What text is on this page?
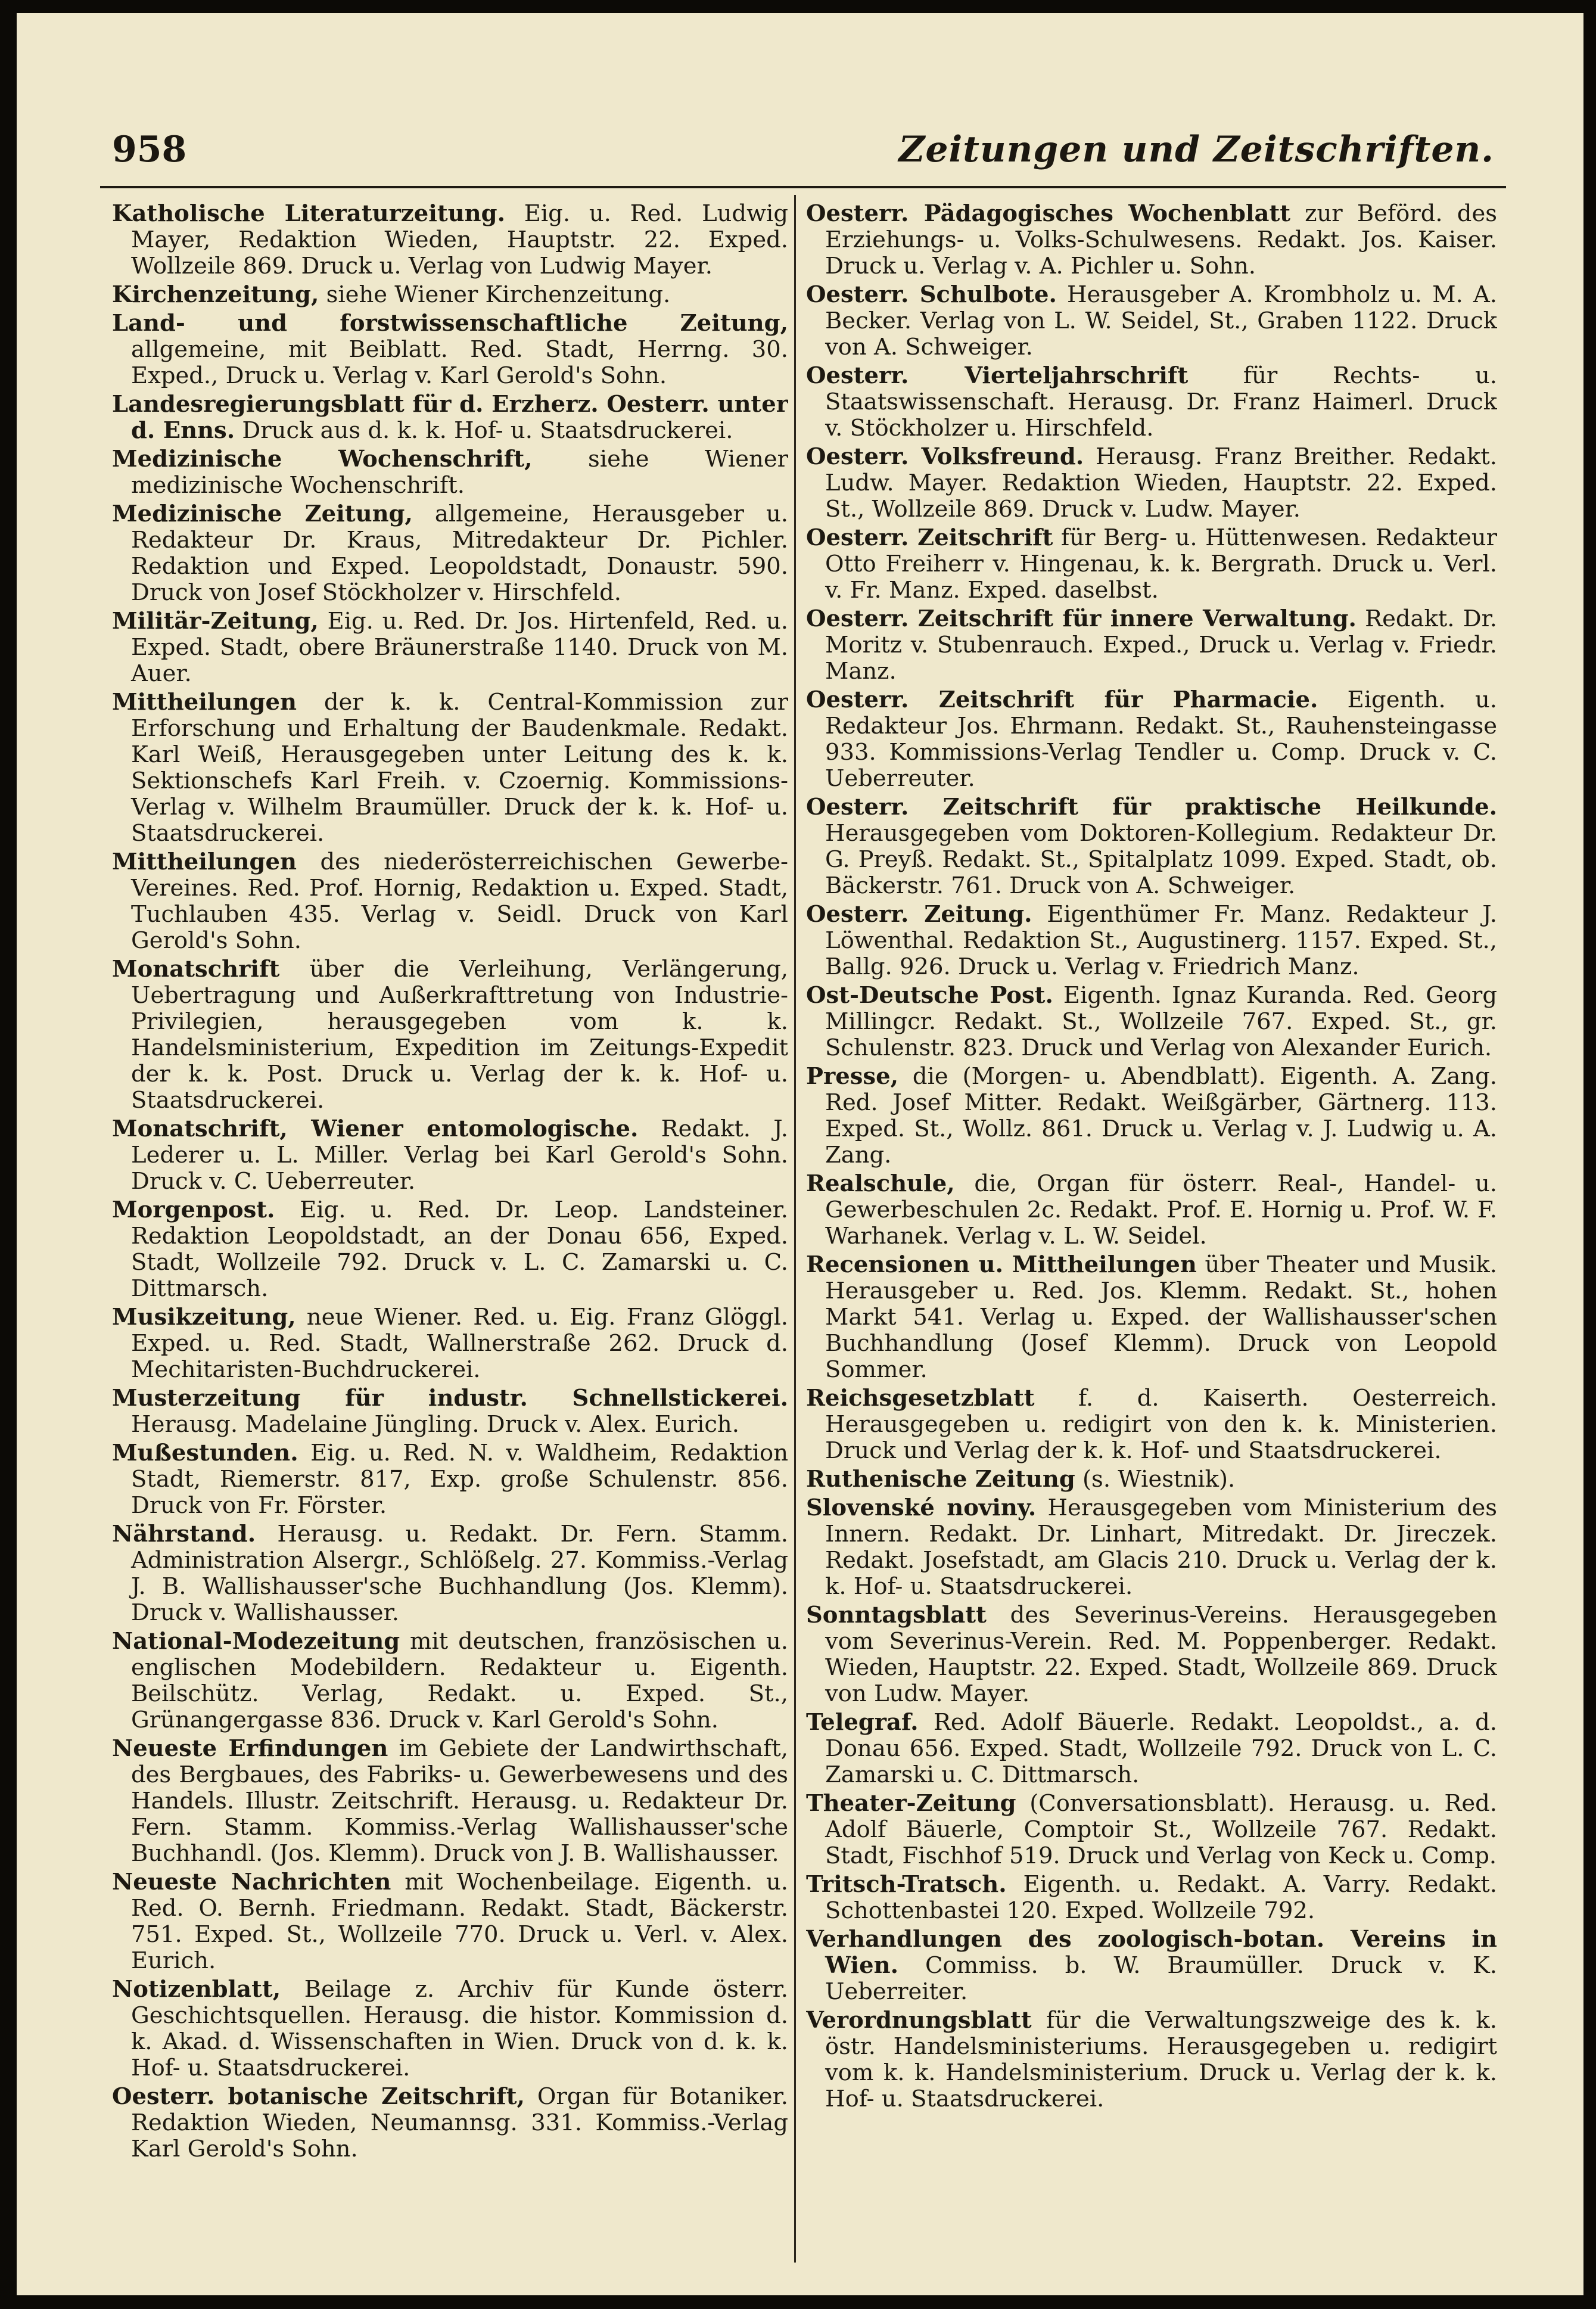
958	Zeitungen und Zeitschriften.

Katholische Literaturzeitung. Eig. u. Red. Ludwig Mayer, Redaktion Wieden, Hauptstr. 22. Exped. Wollzeile 869. Druck u. Verlag von Ludwig Mayer.

Kirchenzeitung, siehe Wiener Kirchenzeitung.

Land- und forstwissenschaftliche Zeitung, allgemeine, mit Beiblatt. Red. Stadt, Herrng. 30. Exped., Druck u. Verlag v. Karl Gerold's Sohn.

Landesregierungsblatt für d. Erzherz. Oesterr. unter d. Enns. Druck aus d. k. k. Hof- u. Staatsdruckerei.

Medizinische Wochenschrift, siehe Wiener medizinische Wochenschrift.

Medizinische Zeitung, allgemeine, Herausgeber u. Redakteur Dr. Kraus, Mitredakteur Dr. Pichler. Redaktion und Exped. Leopoldstadt, Donaustr. 590. Druck von Josef Stöckholzer v. Hirschfeld.

Militär-Zeitung, Eig. u. Red. Dr. Jos. Hirtenfeld, Red. u. Exped. Stadt, obere Bräunerstraße 1140. Druck von M. Auer.

Mittheilungen der k. k. Central-Kommission zur Erforschung und Erhaltung der Baudenkmale. Redakt. Karl Weiß, Herausgegeben unter Leitung des k. k. Sektionschefs Karl Freih. v. Czoernig. Kommissions-Verlag v. Wilhelm Braumüller. Druck der k. k. Hof- u. Staatsdruckerei.

Mittheilungen des niederösterreichischen Gewerbe-Vereines. Red. Prof. Hornig, Redaktion u. Exped. Stadt, Tuchlauben 435. Verlag v. Seidl. Druck von Karl Gerold's Sohn.

Monatschrift über die Verleihung, Verlängerung, Uebertragung und Außerkrafttretung von Industrie-Privilegien, herausgegeben vom k. k. Handelsministerium, Expedition im Zeitungs-Expedit der k. k. Post. Druck u. Verlag der k. k. Hof- u. Staatsdruckerei.

Monatschrift, Wiener entomologische. Redakt. J. Lederer u. L. Miller. Verlag bei Karl Gerold's Sohn. Druck v. C. Ueberreuter.

Morgenpost. Eig. u. Red. Dr. Leop. Landsteiner. Redaktion Leopoldstadt, an der Donau 656, Exped. Stadt, Wollzeile 792. Druck v. L. C. Zamarski u. C. Dittmarsch.

Musikzeitung, neue Wiener. Red. u. Eig. Franz Glöggl. Exped. u. Red. Stadt, Wallnerstraße 262. Druck d. Mechitaristen-Buchdruckerei.

Musterzeitung für industr. Schnellstickerei. Herausg. Madelaine Jüngling. Druck v. Alex. Eurich.

Mußestunden. Eig. u. Red. N. v. Waldheim, Redaktion Stadt, Riemerstr. 817, Exp. große Schulenstr. 856. Druck von Fr. Förster.

Nährstand. Herausg. u. Redakt. Dr. Fern. Stamm. Administration Alsergr., Schlößelg. 27. Kommiss.-Verlag J. B. Wallishausser'sche Buchhandlung (Jos. Klemm). Druck v. Wallishausser.

National-Modezeitung mit deutschen, französischen u. englischen Modebildern. Redakteur u. Eigenth. Beilschütz. Verlag, Redakt. u. Exped. St., Grünangergasse 836. Druck v. Karl Gerold's Sohn.

Neueste Erfindungen im Gebiete der Landwirthschaft, des Bergbaues, des Fabriks- u. Gewerbewesens und des Handels. Illustr. Zeitschrift. Herausg. u. Redakteur Dr. Fern. Stamm. Kommiss.-Verlag Wallishausser'sche Buchhandl. (Jos. Klemm). Druck von J. B. Wallishausser.

Neueste Nachrichten mit Wochenbeilage. Eigenth. u. Red. O. Bernh. Friedmann. Redakt. Stadt, Bäckerstr. 751. Exped. St., Wollzeile 770. Druck u. Verl. v. Alex. Eurich.

Notizenblatt, Beilage z. Archiv für Kunde österr. Geschichtsquellen. Herausg. die histor. Kommission d. k. Akad. d. Wissenschaften in Wien. Druck von d. k. k. Hof- u. Staatsdruckerei.

Oesterr. botanische Zeitschrift, Organ für Botaniker. Redaktion Wieden, Neumannsg. 331. Kommiss.-Verlag Karl Gerold's Sohn.

Oesterr. Pädagogisches Wochenblatt zur Beförd. des Erziehungs- u. Volks-Schulwesens. Redakt. Jos. Kaiser. Druck u. Verlag v. A. Pichler u. Sohn.

Oesterr. Schulbote. Herausgeber A. Krombholz u. M. A. Becker. Verlag von L. W. Seidel, St., Graben 1122. Druck von A. Schweiger.

Oesterr. Vierteljahrschrift für Rechts- u. Staatswissenschaft. Herausg. Dr. Franz Haimerl. Druck v. Stöckholzer u. Hirschfeld.

Oesterr. Volksfreund. Herausg. Franz Breither. Redakt. Ludw. Mayer. Redaktion Wieden, Hauptstr. 22. Exped. St., Wollzeile 869. Druck v. Ludw. Mayer.

Oesterr. Zeitschrift für Berg- u. Hüttenwesen. Redakteur Otto Freiherr v. Hingenau, k. k. Bergrath. Druck u. Verl. v. Fr. Manz. Exped. daselbst.

Oesterr. Zeitschrift für innere Verwaltung. Redakt. Dr. Moritz v. Stubenrauch. Exped., Druck u. Verlag v. Friedr. Manz.

Oesterr. Zeitschrift für Pharmacie. Eigenth. u. Redakteur Jos. Ehrmann. Redakt. St., Rauhensteingasse 933. Kommissions-Verlag Tendler u. Comp. Druck v. C. Ueberreuter.

Oesterr. Zeitschrift für praktische Heilkunde. Herausgegeben vom Doktoren-Kollegium. Redakteur Dr. G. Preyß. Redakt. St., Spitalplatz 1099. Exped. Stadt, ob. Bäckerstr. 761. Druck von A. Schweiger.

Oesterr. Zeitung. Eigenthümer Fr. Manz. Redakteur J. Löwenthal. Redaktion St., Augustinerg. 1157. Exped. St., Ballg. 926. Druck u. Verlag v. Friedrich Manz.

Ost-Deutsche Post. Eigenth. Ignaz Kuranda. Red. Georg Millingcr. Redakt. St., Wollzeile 767. Exped. St., gr. Schulenstr. 823. Druck und Verlag von Alexander Eurich.

Presse, die (Morgen- u. Abendblatt). Eigenth. A. Zang. Red. Josef Mitter. Redakt. Weißgärber, Gärtnerg. 113. Exped. St., Wollz. 861. Druck u. Verlag v. J. Ludwig u. A. Zang.

Realschule, die, Organ für österr. Real-, Handel- u. Gewerbeschulen 2c. Redakt. Prof. E. Hornig u. Prof. W. F. Warhanek. Verlag v. L. W. Seidel.

Recensionen u. Mittheilungen über Theater und Musik. Herausgeber u. Red. Jos. Klemm. Redakt. St., hohen Markt 541. Verlag u. Exped. der Wallishausser'schen Buchhandlung (Josef Klemm). Druck von Leopold Sommer.

Reichsgesetzblatt f. d. Kaiserth. Oesterreich. Herausgegeben u. redigirt von den k. k. Ministerien. Druck und Verlag der k. k. Hof- und Staatsdruckerei.

Ruthenische Zeitung (s. Wiestnik).

Slovenské noviny. Herausgegeben vom Ministerium des Innern. Redakt. Dr. Linhart, Mitredakt. Dr. Jireczek. Redakt. Josefstadt, am Glacis 210. Druck u. Verlag der k. k. Hof- u. Staatsdruckerei.

Sonntagsblatt des Severinus-Vereins. Herausgegeben vom Severinus-Verein. Red. M. Poppenberger. Redakt. Wieden, Hauptstr. 22. Exped. Stadt, Wollzeile 869. Druck von Ludw. Mayer.

Telegraf. Red. Adolf Bäuerle. Redakt. Leopoldst., a. d. Donau 656. Exped. Stadt, Wollzeile 792. Druck von L. C. Zamarski u. C. Dittmarsch.

Theater-Zeitung (Conversationsblatt). Herausg. u. Red. Adolf Bäuerle, Comptoir St., Wollzeile 767. Redakt. Stadt, Fischhof 519. Druck und Verlag von Keck u. Comp.

Tritsch-Tratsch. Eigenth. u. Redakt. A. Varry. Redakt. Schottenbastei 120. Exped. Wollzeile 792.

Verhandlungen des zoologisch-botan. Vereins in Wien. Commiss. b. W. Braumüller. Druck v. K. Ueberreiter.

Verordnungsblatt für die Verwaltungszweige des k. k. östr. Handelsministeriums. Herausgegeben u. redigirt vom k. k. Handelsministerium. Druck u. Verlag der k. k. Hof- u. Staatsdruckerei.
